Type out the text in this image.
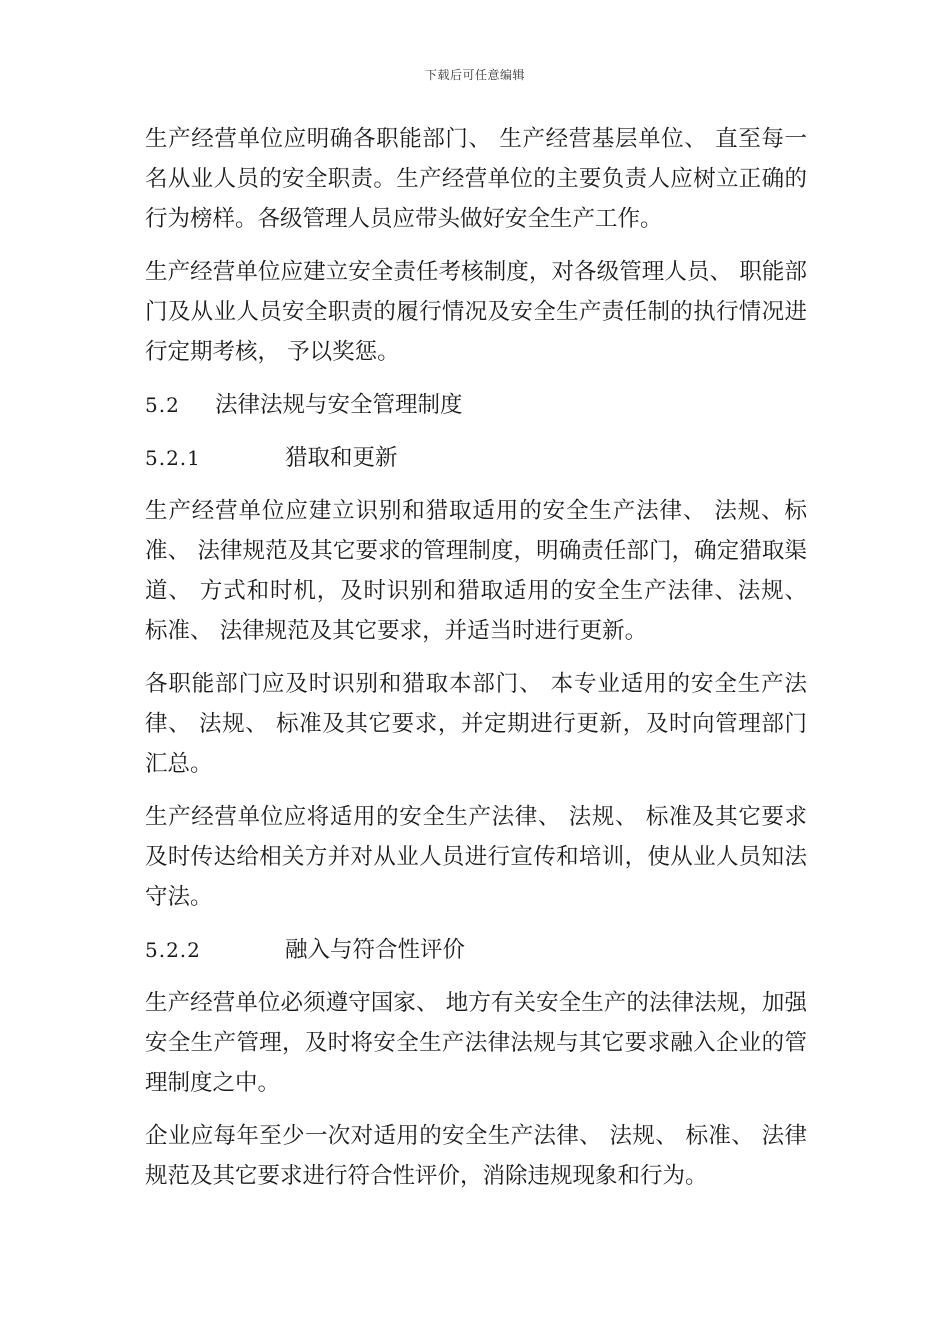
下载后可任意编辑

生产经营单位应明确各职能部门、 生产经营基层单位、 直至每一名从业人员的安全职责。生产经营单位的主要负责人应树立正确的行为榜样。各级管理人员应带头做好安全生产工作。

生产经营单位应建立安全责任考核制度，对各级管理人员、 职能部门及从业人员安全职责的履行情况及安全生产责任制的执行情况进行定期考核， 予以奖惩。

5.2 法律法规与安全管理制度
5.2.1	猎取和更新

生产经营单位应建立识别和猎取适用的安全生产法律、 法规、标准、 法律规范及其它要求的管理制度，明确责任部门，确定猎取渠道、 方式和时机，及时识别和猎取适用的安全生产法律、法规、 标准、 法律规范及其它要求，并适当时进行更新。

各职能部门应及时识别和猎取本部门、 本专业适用的安全生产法律、 法规、 标准及其它要求，并定期进行更新，及时向管理部门汇总。

生产经营单位应将适用的安全生产法律、 法规、 标准及其它要求及时传达给相关方并对从业人员进行宣传和培训，使从业人员知法守法。

5.2.2	融入与符合性评价

生产经营单位必须遵守国家、 地方有关安全生产的法律法规，加强安全生产管理，及时将安全生产法律法规与其它要求融入企业的管理制度之中。

企业应每年至少一次对适用的安全生产法律、 法规、 标准、 法律规范及其它要求进行符合性评价，消除违规现象和行为。
